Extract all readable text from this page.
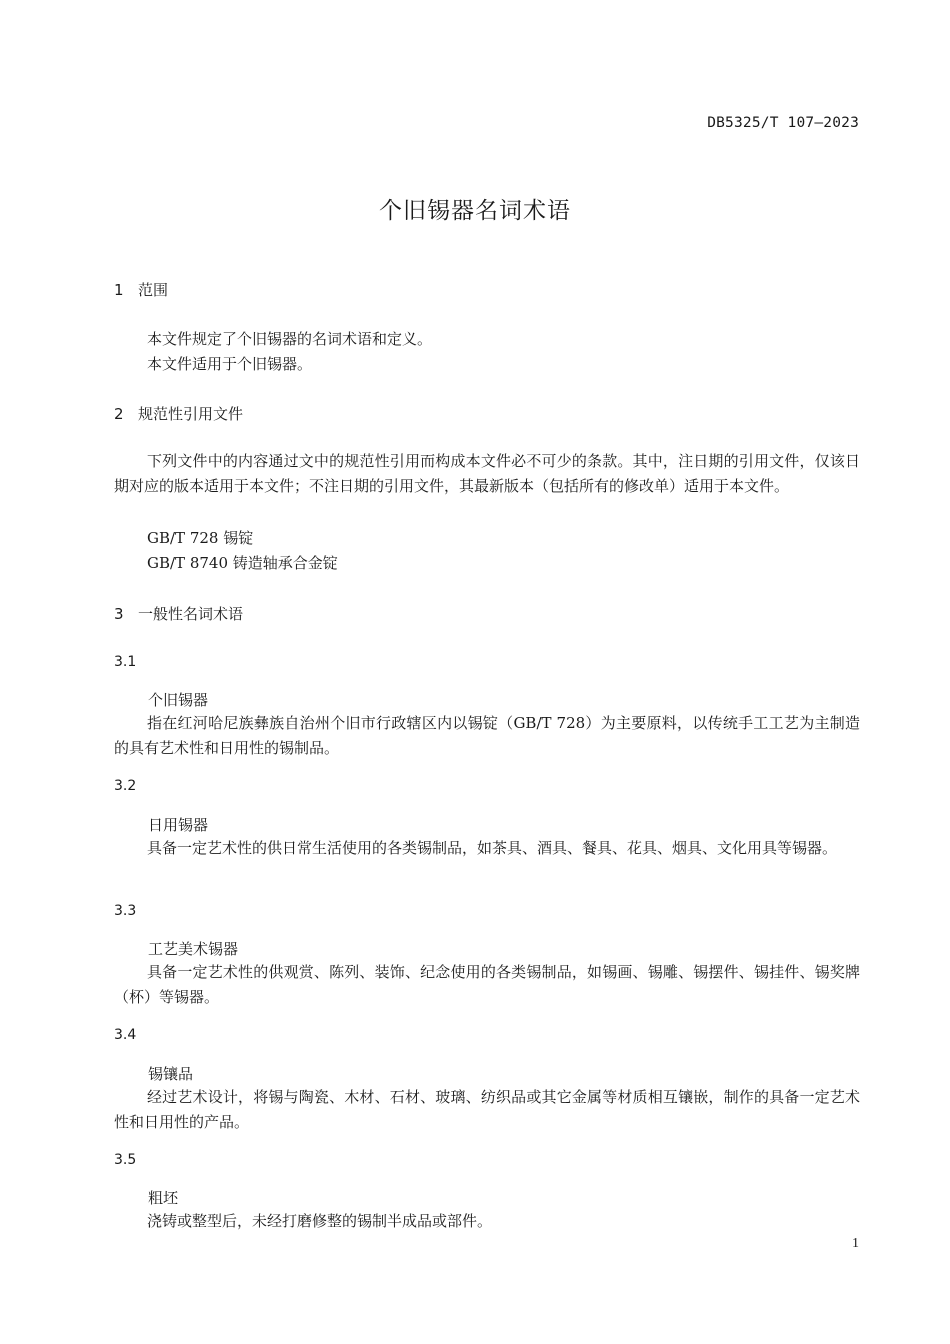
DB5325/T 107—2023
个旧锡器名词术语
1 范围
本文件规定了个旧锡器的名词术语和定义。
本文件适用于个旧锡器。
2 规范性引用文件
下列文件中的内容通过文中的规范性引用而构成本文件必不可少的条款。其中，注日期的引用文件，仅该日期对应的版本适用于本文件；不注日期的引用文件，其最新版本（包括所有的修改单）适用于本文件。
GB/T 728 锡锭
GB/T 8740 铸造轴承合金锭
3 一般性名词术语
3.1
个旧锡器
指在红河哈尼族彝族自治州个旧市行政辖区内以锡锭（GB/T 728）为主要原料，以传统手工工艺为主制造的具有艺术性和日用性的锡制品。
3.2
日用锡器
具备一定艺术性的供日常生活使用的各类锡制品，如茶具、酒具、餐具、花具、烟具、文化用具等锡器。
3.3
工艺美术锡器
具备一定艺术性的供观赏、陈列、装饰、纪念使用的各类锡制品，如锡画、锡雕、锡摆件、锡挂件、锡奖牌（杯）等锡器。
3.4
锡镶品
经过艺术设计，将锡与陶瓷、木材、石材、玻璃、纺织品或其它金属等材质相互镶嵌，制作的具备一定艺术性和日用性的产品。
3.5
粗坯
浇铸或整型后，未经打磨修整的锡制半成品或部件。
1
